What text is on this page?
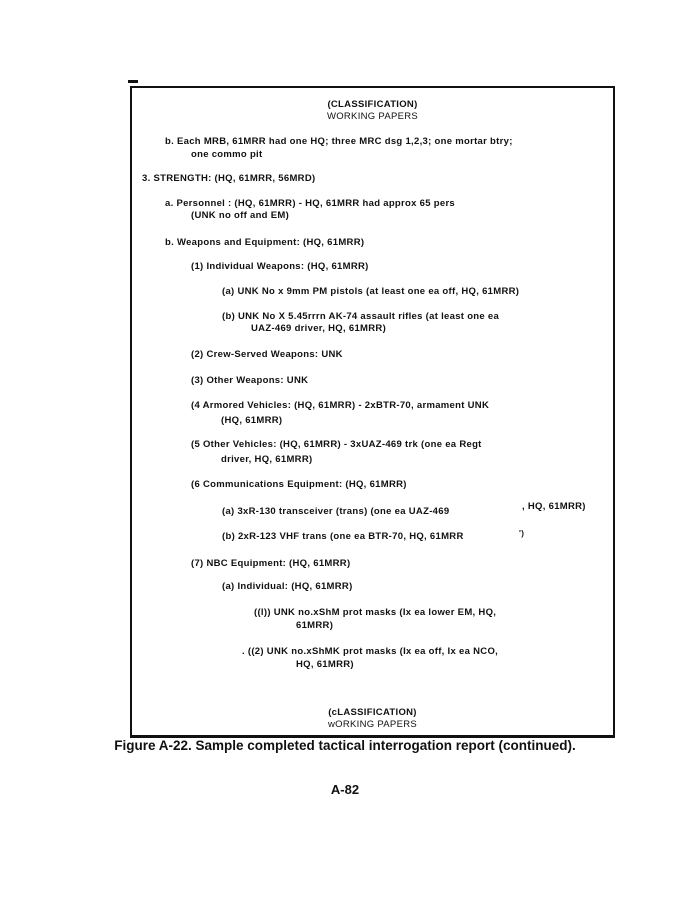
(CLASSIFICATION)
WORKING PAPERS
b. Each MRB, 61MRR had one HQ; three MRC dsg 1,2,3; one mortar btry;
one commo pit
3. STRENGTH: (HQ, 61MRR, 56MRD)
a. Personnel : (HQ, 61MRR) - HQ, 61MRR had approx 65 pers
(UNK no off and EM)
b. Weapons and Equipment: (HQ, 61MRR)
(1) Individual Weapons: (HQ, 61MRR)
(a) UNK No x 9mm PM pistols (at least one ea off, HQ, 61MRR)
(b) UNK No X 5.45rrrn AK-74 assault rifles (at least one ea
UAZ-469 driver, HQ, 61MRR)
(2) Crew-Served Weapons: UNK
(3) Other Weapons: UNK
(4 Armored Vehicles: (HQ, 61MRR) - 2xBTR-70, armament UNK
(HQ, 61MRR)
(5 Other Vehicles: (HQ, 61MRR) - 3xUAZ-469 trk (one ea Regt
driver, HQ, 61MRR)
(6 Communications Equipment: (HQ, 61MRR)
(a) 3xR-130 transceiver (trans) (one ea UAZ-469	, HQ, 61MRR)
(b) 2xR-123 VHF trans (one ea BTR-70, HQ, 61MRR	')
(7) NBC Equipment: (HQ, 61MRR)
(a) Individual: (HQ, 61MRR)
((l)) UNK no.xShM prot masks (Ix ea lower EM, HQ,
61MRR)
. ((2) UNK no.xShMK prot masks (Ix ea off, Ix ea NCO,
HQ, 61MRR)
(cLASSIFICATION)
wORKING PAPERS
Figure A-22. Sample completed tactical interrogation report (continued).
A-82
